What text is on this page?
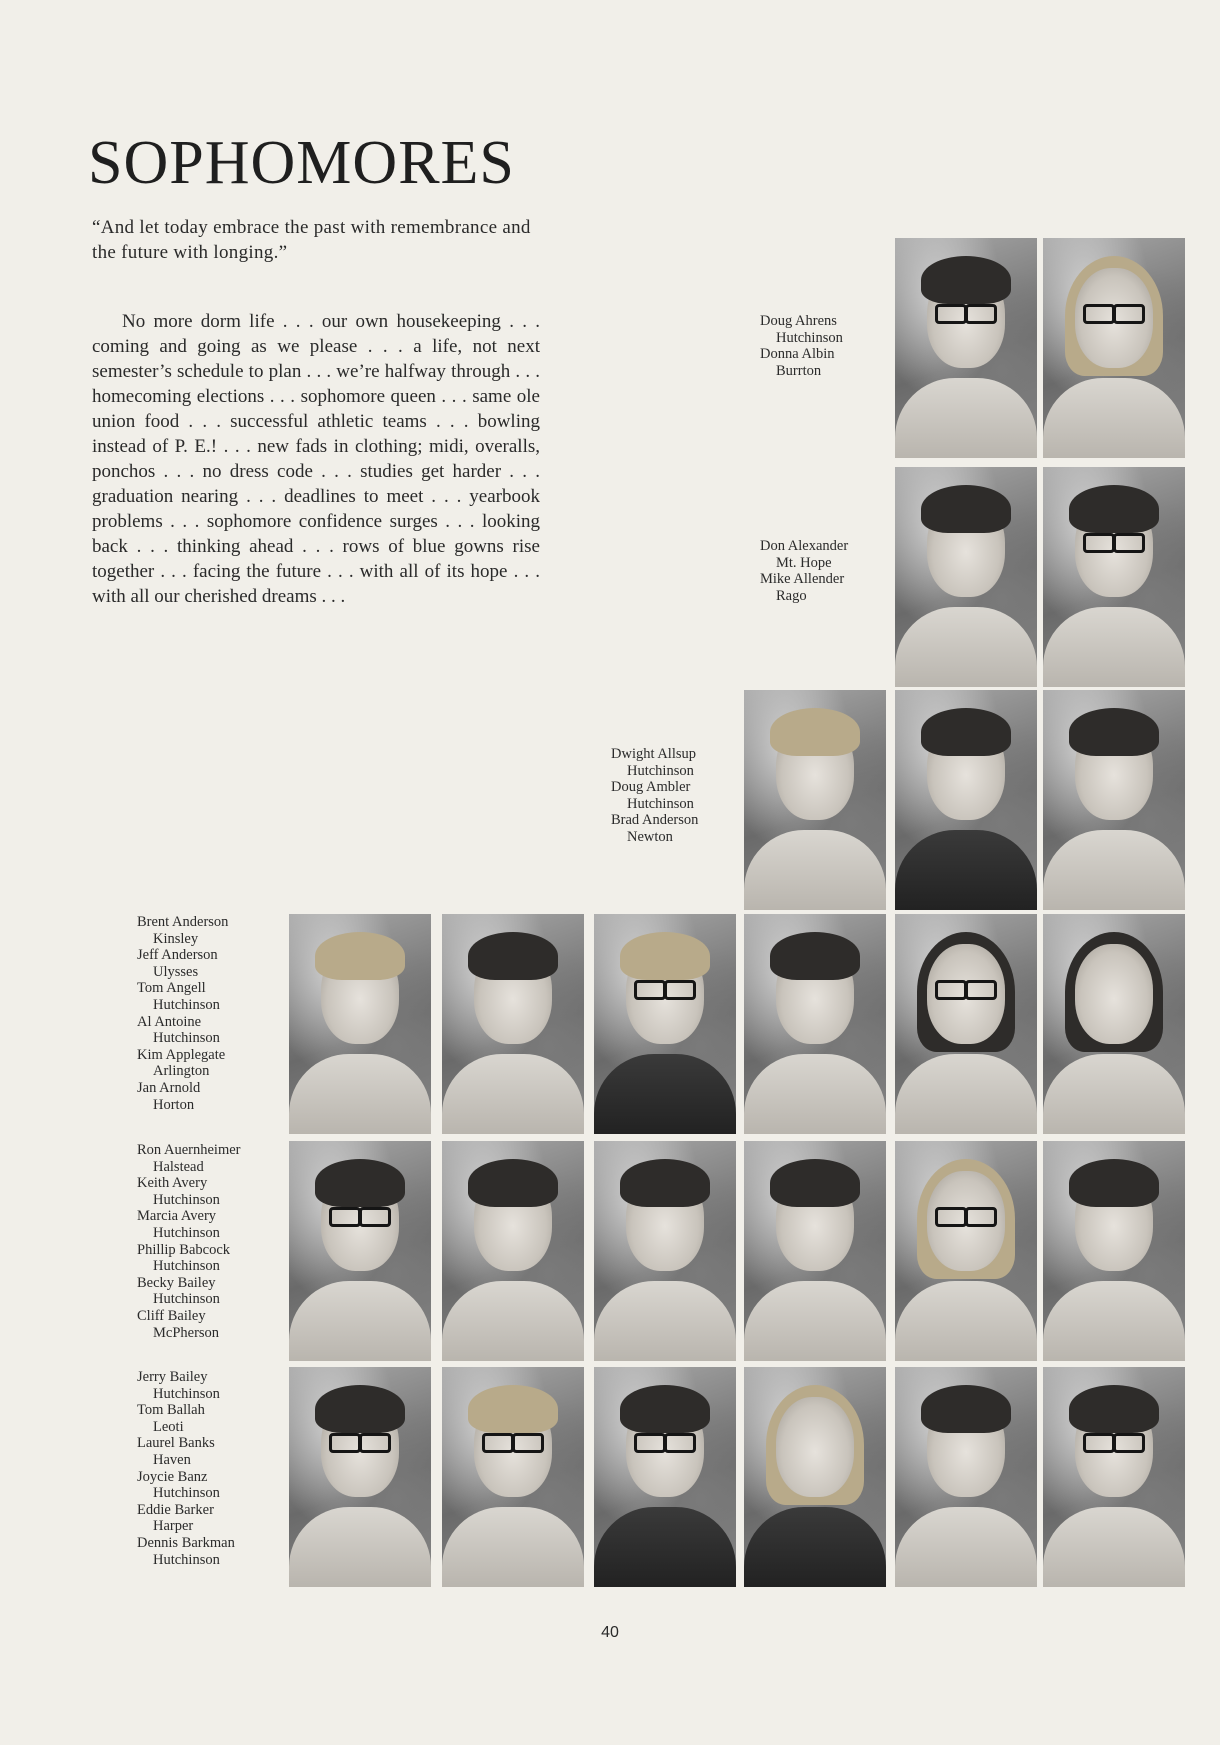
SOPHOMORES
“And let today embrace the past with remembrance and the future with longing.”

No more dorm life . . . our own housekeeping . . . coming and going as we please . . . a life, not next semester’s schedule to plan . . . we’re halfway through . . . homecoming elections . . . sophomore queen . . . same ole union food . . . successful athletic teams . . . bowling instead of P. E.! . . . new fads in clothing; midi, overalls, ponchos . . . no dress code . . . studies get harder . . . graduation nearing . . . deadlines to meet . . . yearbook problems . . . sophomore confidence surges . . . looking back . . . thinking ahead . . . rows of blue gowns rise together . . . facing the future . . . with all of its hope . . . with all our cherished dreams . . .

Doug Ahrens
Hutchinson
Donna Albin
Burrton
Don Alexander
Mt. Hope
Mike Allender
Rago
Dwight Allsup
Hutchinson
Doug Ambler
Hutchinson
Brad Anderson
Newton
Brent Anderson
Kinsley
Jeff Anderson
Ulysses
Tom Angell
Hutchinson
Al Antoine
Hutchinson
Kim Applegate
Arlington
Jan Arnold
Horton
Ron Auernheimer
Halstead
Keith Avery
Hutchinson
Marcia Avery
Hutchinson
Phillip Babcock
Hutchinson
Becky Bailey
Hutchinson
Cliff Bailey
McPherson
Jerry Bailey
Hutchinson
Tom Ballah
Leoti
Laurel Banks
Haven
Joycie Banz
Hutchinson
Eddie Barker
Harper
Dennis Barkman
Hutchinson
40
